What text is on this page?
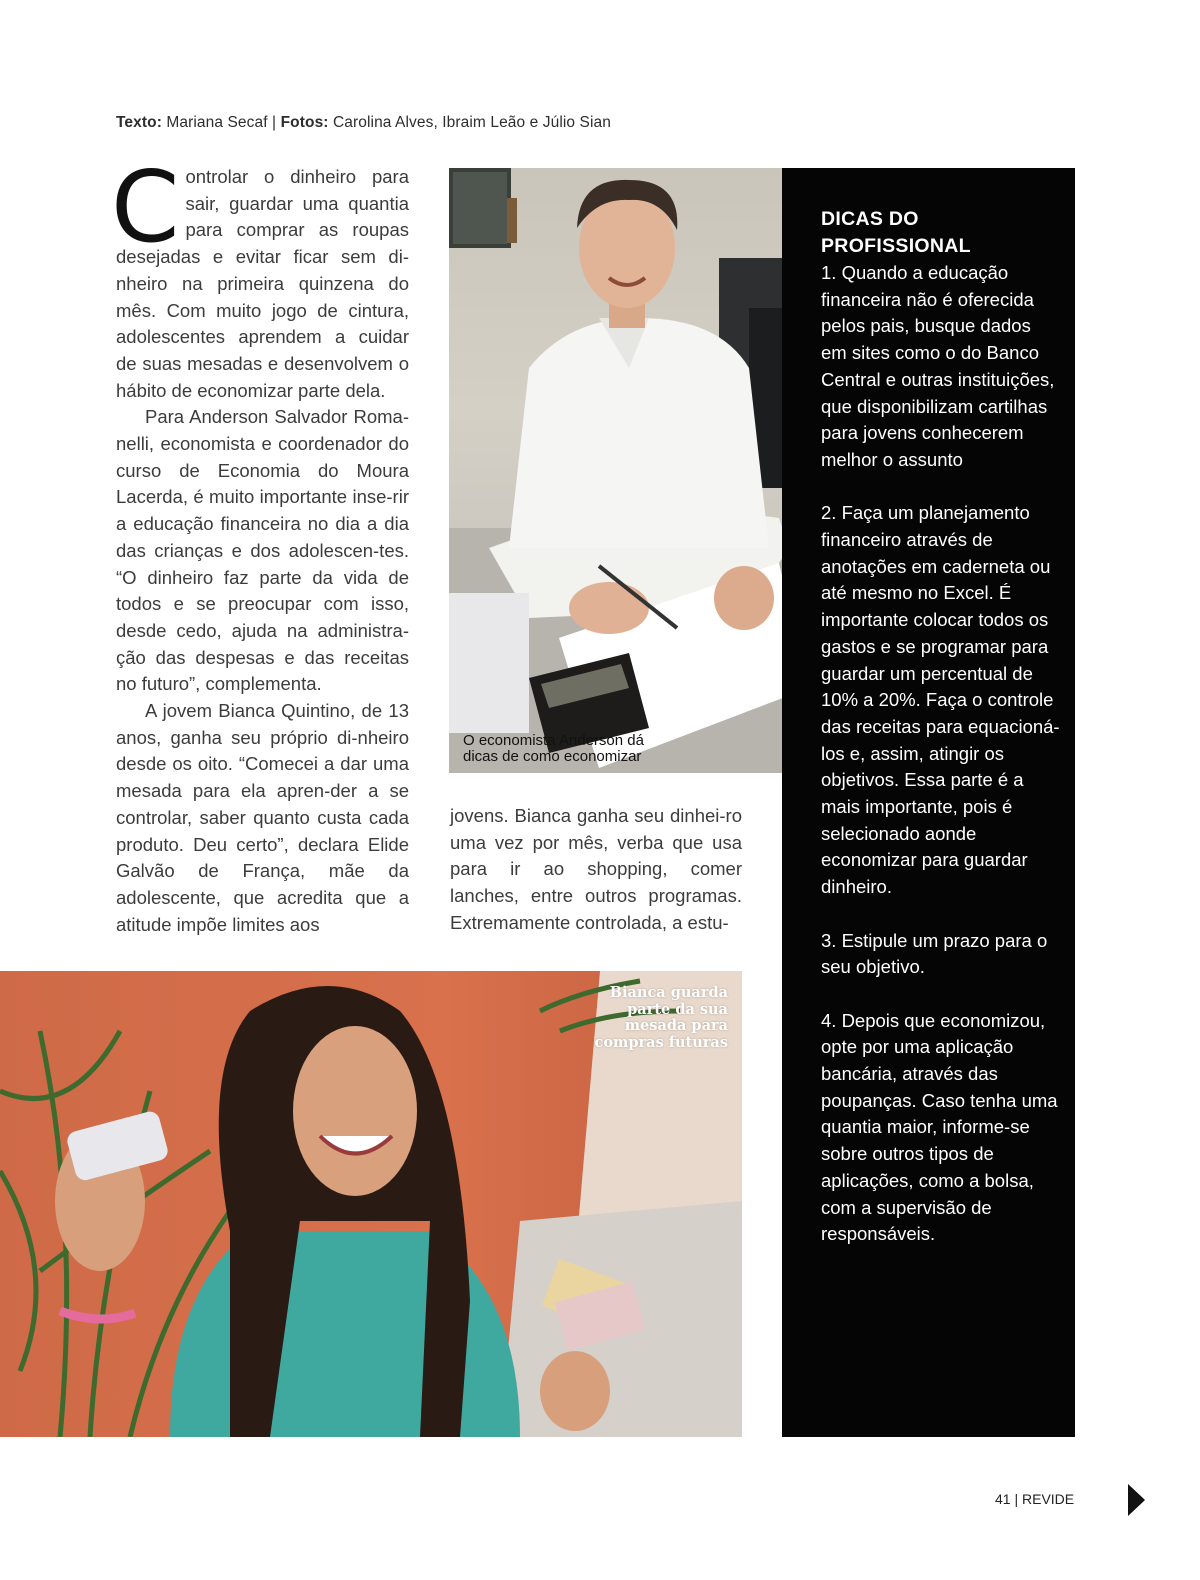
Texto: Mariana Secaf | Fotos: Carolina Alves, Ibraim Leão e Júlio Sian

C ontrolar o dinheiro para
sair, guardar uma quantia
para comprar as roupas
desejadas e evitar ficar sem di-nheiro na primeira quinzena do mês. Com muito jogo de cintura, adolescentes aprendem a cuidar de suas mesadas e desenvolvem o hábito de economizar parte dela.

Para Anderson Salvador Roma-nelli, economista e coordenador do curso de Economia do Moura Lacerda, é muito importante inse-rir a educação financeira no dia a dia das crianças e dos adolescen-tes. “O dinheiro faz parte da vida de todos e se preocupar com isso, desde cedo, ajuda na administra-ção das despesas e das receitas no futuro”, complementa.

A jovem Bianca Quintino, de 13 anos, ganha seu próprio di-nheiro desde os oito. “Comecei a dar uma mesada para ela apren-der a se controlar, saber quanto custa cada produto. Deu certo”, declara Elide Galvão de França, mãe da adolescente, que acredita que a atitude impõe limites aos

O economista Anderson dá
dicas de como economizar

jovens. Bianca ganha seu dinhei-ro uma vez por mês, verba que usa para ir ao shopping, comer lanches, entre outros programas. Extremamente controlada, a estu-

Bianca guarda parte da sua mesada para compras futuras
DICAS DO
PROFISSIONAL

1. Quando a educação financeira não é oferecida pelos pais, busque dados em sites como o do Banco Central e outras instituições, que disponibilizam cartilhas para jovens conhecerem melhor o assunto

2. Faça um planejamento financeiro através de anotações em caderneta ou até mesmo no Excel. É importante colocar todos os gastos e se programar para guardar um percentual de 10% a 20%. Faça o controle das receitas para equacioná-los e, assim, atingir os objetivos. Essa parte é a mais importante, pois é selecionado aonde economizar para guardar dinheiro.

3. Estipule um prazo para o seu objetivo.

4. Depois que economizou, opte por uma aplicação bancária, através das poupanças. Caso tenha uma quantia maior, informe-se sobre outros tipos de aplicações, como a bolsa, com a supervisão de responsáveis.

41 | REVIDE
